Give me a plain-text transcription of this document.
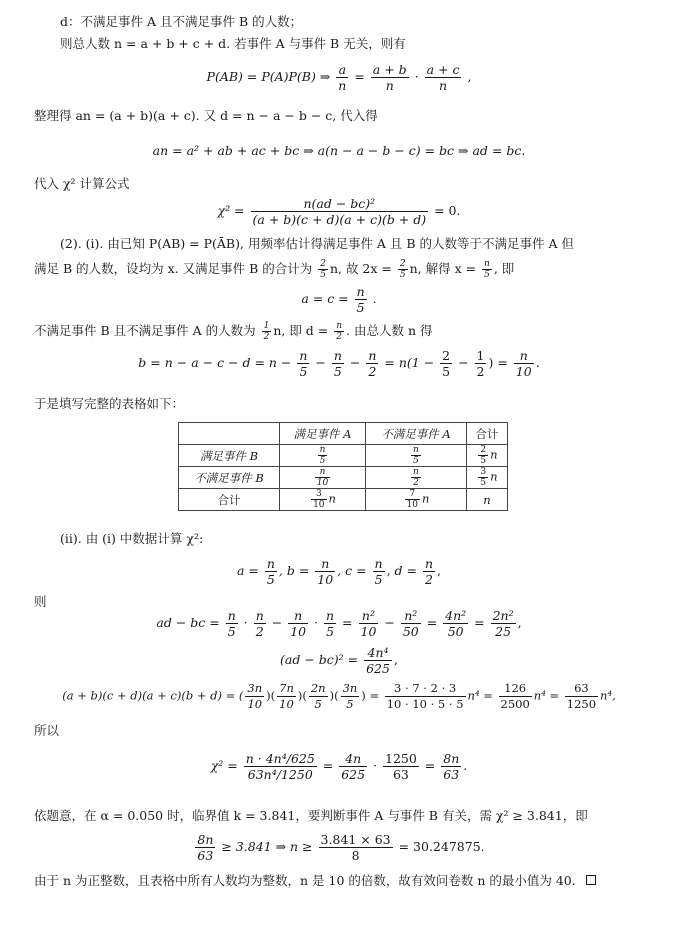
d：不满足事件 A 且不满足事件 B 的人数；
则总人数 n = a + b + c + d. 若事件 A 与事件 B 无关，则有
P(AB) = P(A)P(B) ⇒ $\frac{a}{n} = \frac{a + b}{n} \cdot \frac{a + c}{n}$ ,
整理得 an = (a + b)(a + c). 又 d = n − a − b − c, 代入得
an = a² + ab + ac + bc ⇒ a(n − a − b − c) = bc ⇒ ad = bc.
代入 χ² 计算公式
$\chi^2 = \frac{\text{n(ad − bc)²}}{(a + b)(c + d)(a + c)(b + d)} = 0$.
(2). (i). 由已知 P(AB) = P(ĀB), 用频率估计得满足事件 A 且 B 的人数等于不满足事件 A 但
满足 B 的人数，设均为 x. 又满足事件 B 的合计为 $\frac{2}{5} n$, 故 $2x = \frac{2}{5} n$, 解得 $x = \frac{n}{5}$ , 即
$a = c = \frac{n}{5}$ .
不满足事件 B 且不满足事件 A 的人数为 $\frac{1}{2} n$, 即 $d = \frac{n}{2}$ . 由总人数 n 得
$b = n - a - c - d = n - \frac{n}{5} - \frac{n}{5} - \frac{n}{2} = n(1 - \frac{2}{5} - \frac{1}{2}$ ) = $\frac{n}{10}$ .
于是填写完整的表格如下：
	满足事件 A	不满足事件 A	合计
满足事件 B	$\frac{n}{5}$	$\frac{n}{5}$	$\frac{2}{5}$ n
不满足事件 B	$\frac{n}{10}$	$\frac{n}{2}$	$\frac{3}{5}$ n
合计	$\frac{3}{10}$ n	$\frac{7}{10}$ n	n
(ii). 由 (i) 中数据计算 χ²:
$a = \frac{n}{5}$ , $b = \frac{n}{10}$ , $c = \frac{n}{5}$ , $d = \frac{n}{2}$ ,
则
ad − bc = $\frac{n}{5} \cdot \frac{n}{2} - \frac{n}{10} \cdot \frac{n}{5} = \frac{\text{n²}}{10} - \frac{\text{n²}}{50} = \frac{\text{4n²}}{50} = \frac{\text{2n²}}{25}$ ,
$(ad - bc)^2 = \frac{\text{4n⁴}}{625}$ ,
(a + b)(c + d)(a + c)(b + d) = ( $\frac{3n}{10}$ )( $\frac{7n}{10}$ )( $\frac{2n}{5}$ )( $\frac{3n}{5}$ ) = $\frac{3 \cdot 7 \cdot 2 \cdot 3}{10 \cdot 10 \cdot 5 \cdot 5} n^4 = \frac{126}{2500} n^4 = \frac{63}{1250} n^4$,
所以
$\chi^2 = \frac{\text{n · 4n⁴/625}}{\text{63n⁴/1250}} = \frac{4n}{625} \cdot \frac{1250}{63} = \frac{8n}{63}$ .
依题意，在 α = 0.050 时，临界值 k = 3.841，要判断事件 A 与事件 B 有关，需 χ² ≥ 3.841，即
$\frac{8n}{63} \ge 3.841$ ⇒ $n \ge \frac{3.841 \times 63}{8} = 30.247875$.
由于 n 为正整数，且表格中所有人数均为整数，n 是 10 的倍数，故有效问卷数 n 的最小值为 40.
